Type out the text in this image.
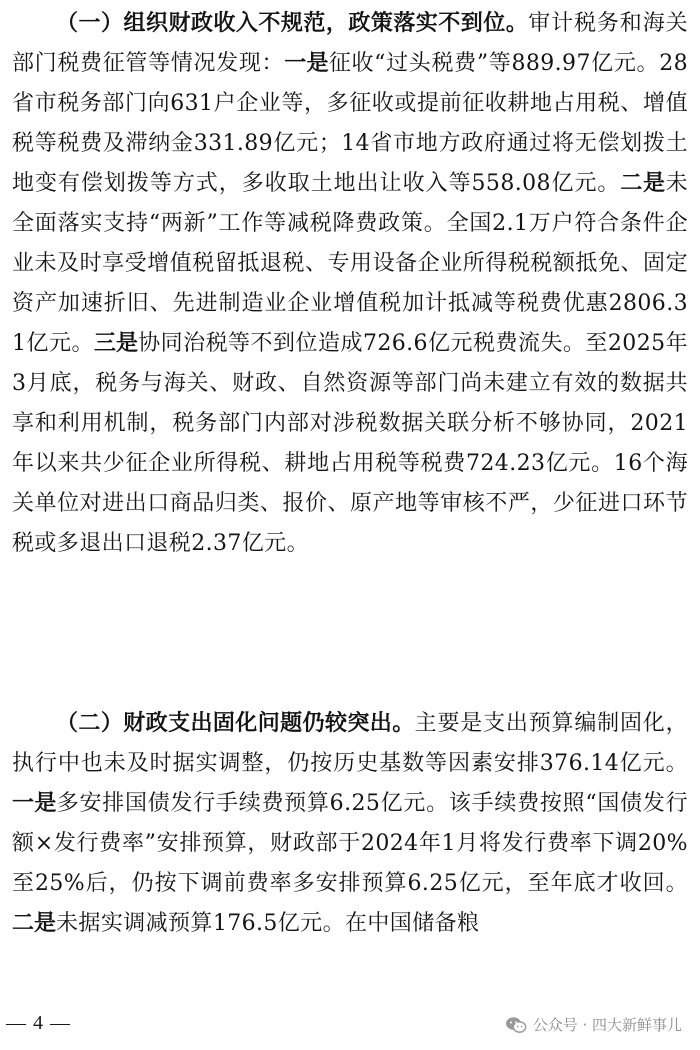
（一）组织财政收入不规范，政策落实不到位。审计税务和海关部门税费征管等情况发现：一是征收“过头税费”等889.97亿元。28省市税务部门向631户企业等，多征收或提前征收耕地占用税、增值税等税费及滞纳金331.89亿元；14省市地方政府通过将无偿划拨土地变有偿划拨等方式，多收取土地出让收入等558.08亿元。二是未全面落实支持“两新”工作等减税降费政策。全国2.1万户符合条件企业未及时享受增值税留抵退税、专用设备企业所得税税额抵免、固定资产加速折旧、先进制造业企业增值税加计抵减等税费优惠2806.31亿元。三是协同治税等不到位造成726.6亿元税费流失。至2025年3月底，税务与海关、财政、自然资源等部门尚未建立有效的数据共享和利用机制，税务部门内部对涉税数据关联分析不够协同，2021年以来共少征企业所得税、耕地占用税等税费724.23亿元。16个海关单位对进出口商品归类、报价、原产地等审核不严，少征进口环节税或多退出口退税2.37亿元。

（二）财政支出固化问题仍较突出。主要是支出预算编制固化，执行中也未及时据实调整，仍按历史基数等因素安排376.14亿元。一是多安排国债发行手续费预算6.25亿元。该手续费按照“国债发行额×发行费率”安排预算，财政部于2024年1月将发行费率下调20%至25%后，仍按下调前费率多安排预算6.25亿元，至年底才收回。二是未据实调减预算176.5亿元。在中国储备粮

— 4 —	公众号 · 四大新鲜事儿
